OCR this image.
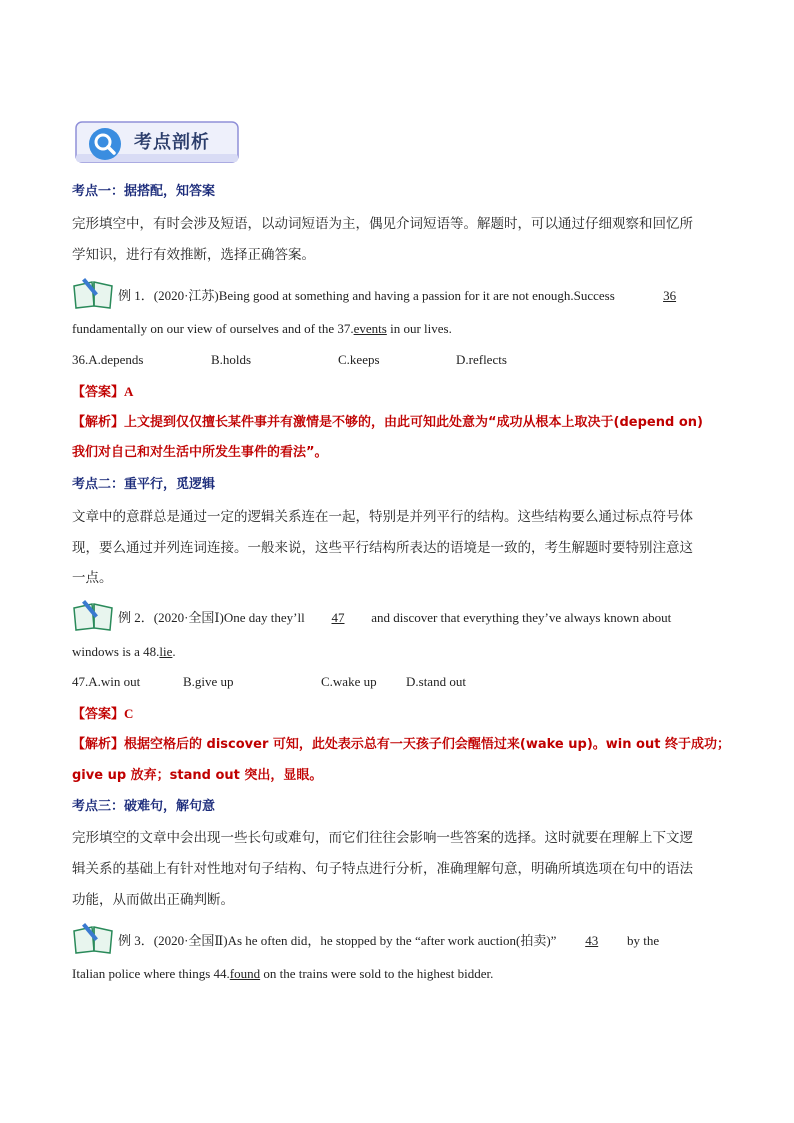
考点剖析
考点一：据搭配，知答案
完形填空中，有时会涉及短语，以动词短语为主，偶见介词短语等。解题时，可以通过仔细观察和回忆所
学知识，进行有效推断，选择正确答案。
例 1．(2020·江苏)Being good at something and having a passion for it are not enough.Success	36
fundamentally on our view of ourselves and of the 37.events in our lives.
36.A.depends	B.holds	C.keeps	D.reflects
【答案】A
【解析】上文提到仅仅擅长某件事并有激情是不够的，由此可知此处意为“成功从根本上取决于(depend on)
我们对自己和对生活中所发生事件的看法”。
考点二：重平行，觅逻辑
文章中的意群总是通过一定的逻辑关系连在一起，特别是并列平行的结构。这些结构要么通过标点符号体
现，要么通过并列连词连接。一般来说，这些平行结构所表达的语境是一致的，考生解题时要特别注意这
一点。
例 2．(2020·全国Ⅰ)One day they’ll 47 and discover that everything they’ve always known about
windows is a 48.lie.
47.A.win out	B.give up	C.wake up D.stand out
【答案】C
【解析】根据空格后的 discover 可知，此处表示总有一天孩子们会醒悟过来(wake up)。win out 终于成功；
give up 放弃；stand out 突出，显眼。
考点三：破难句，解句意
完形填空的文章中会出现一些长句或难句，而它们往往会影响一些答案的选择。这时就要在理解上下文逻
辑关系的基础上有针对性地对句子结构、句子特点进行分析，准确理解句意，明确所填选项在句中的语法
功能，从而做出正确判断。
例 3．(2020·全国Ⅱ)As he often did，he stopped by the “after work auction(拍卖)” 43 by the
Italian police where things 44.found on the trains were sold to the highest bidder.
